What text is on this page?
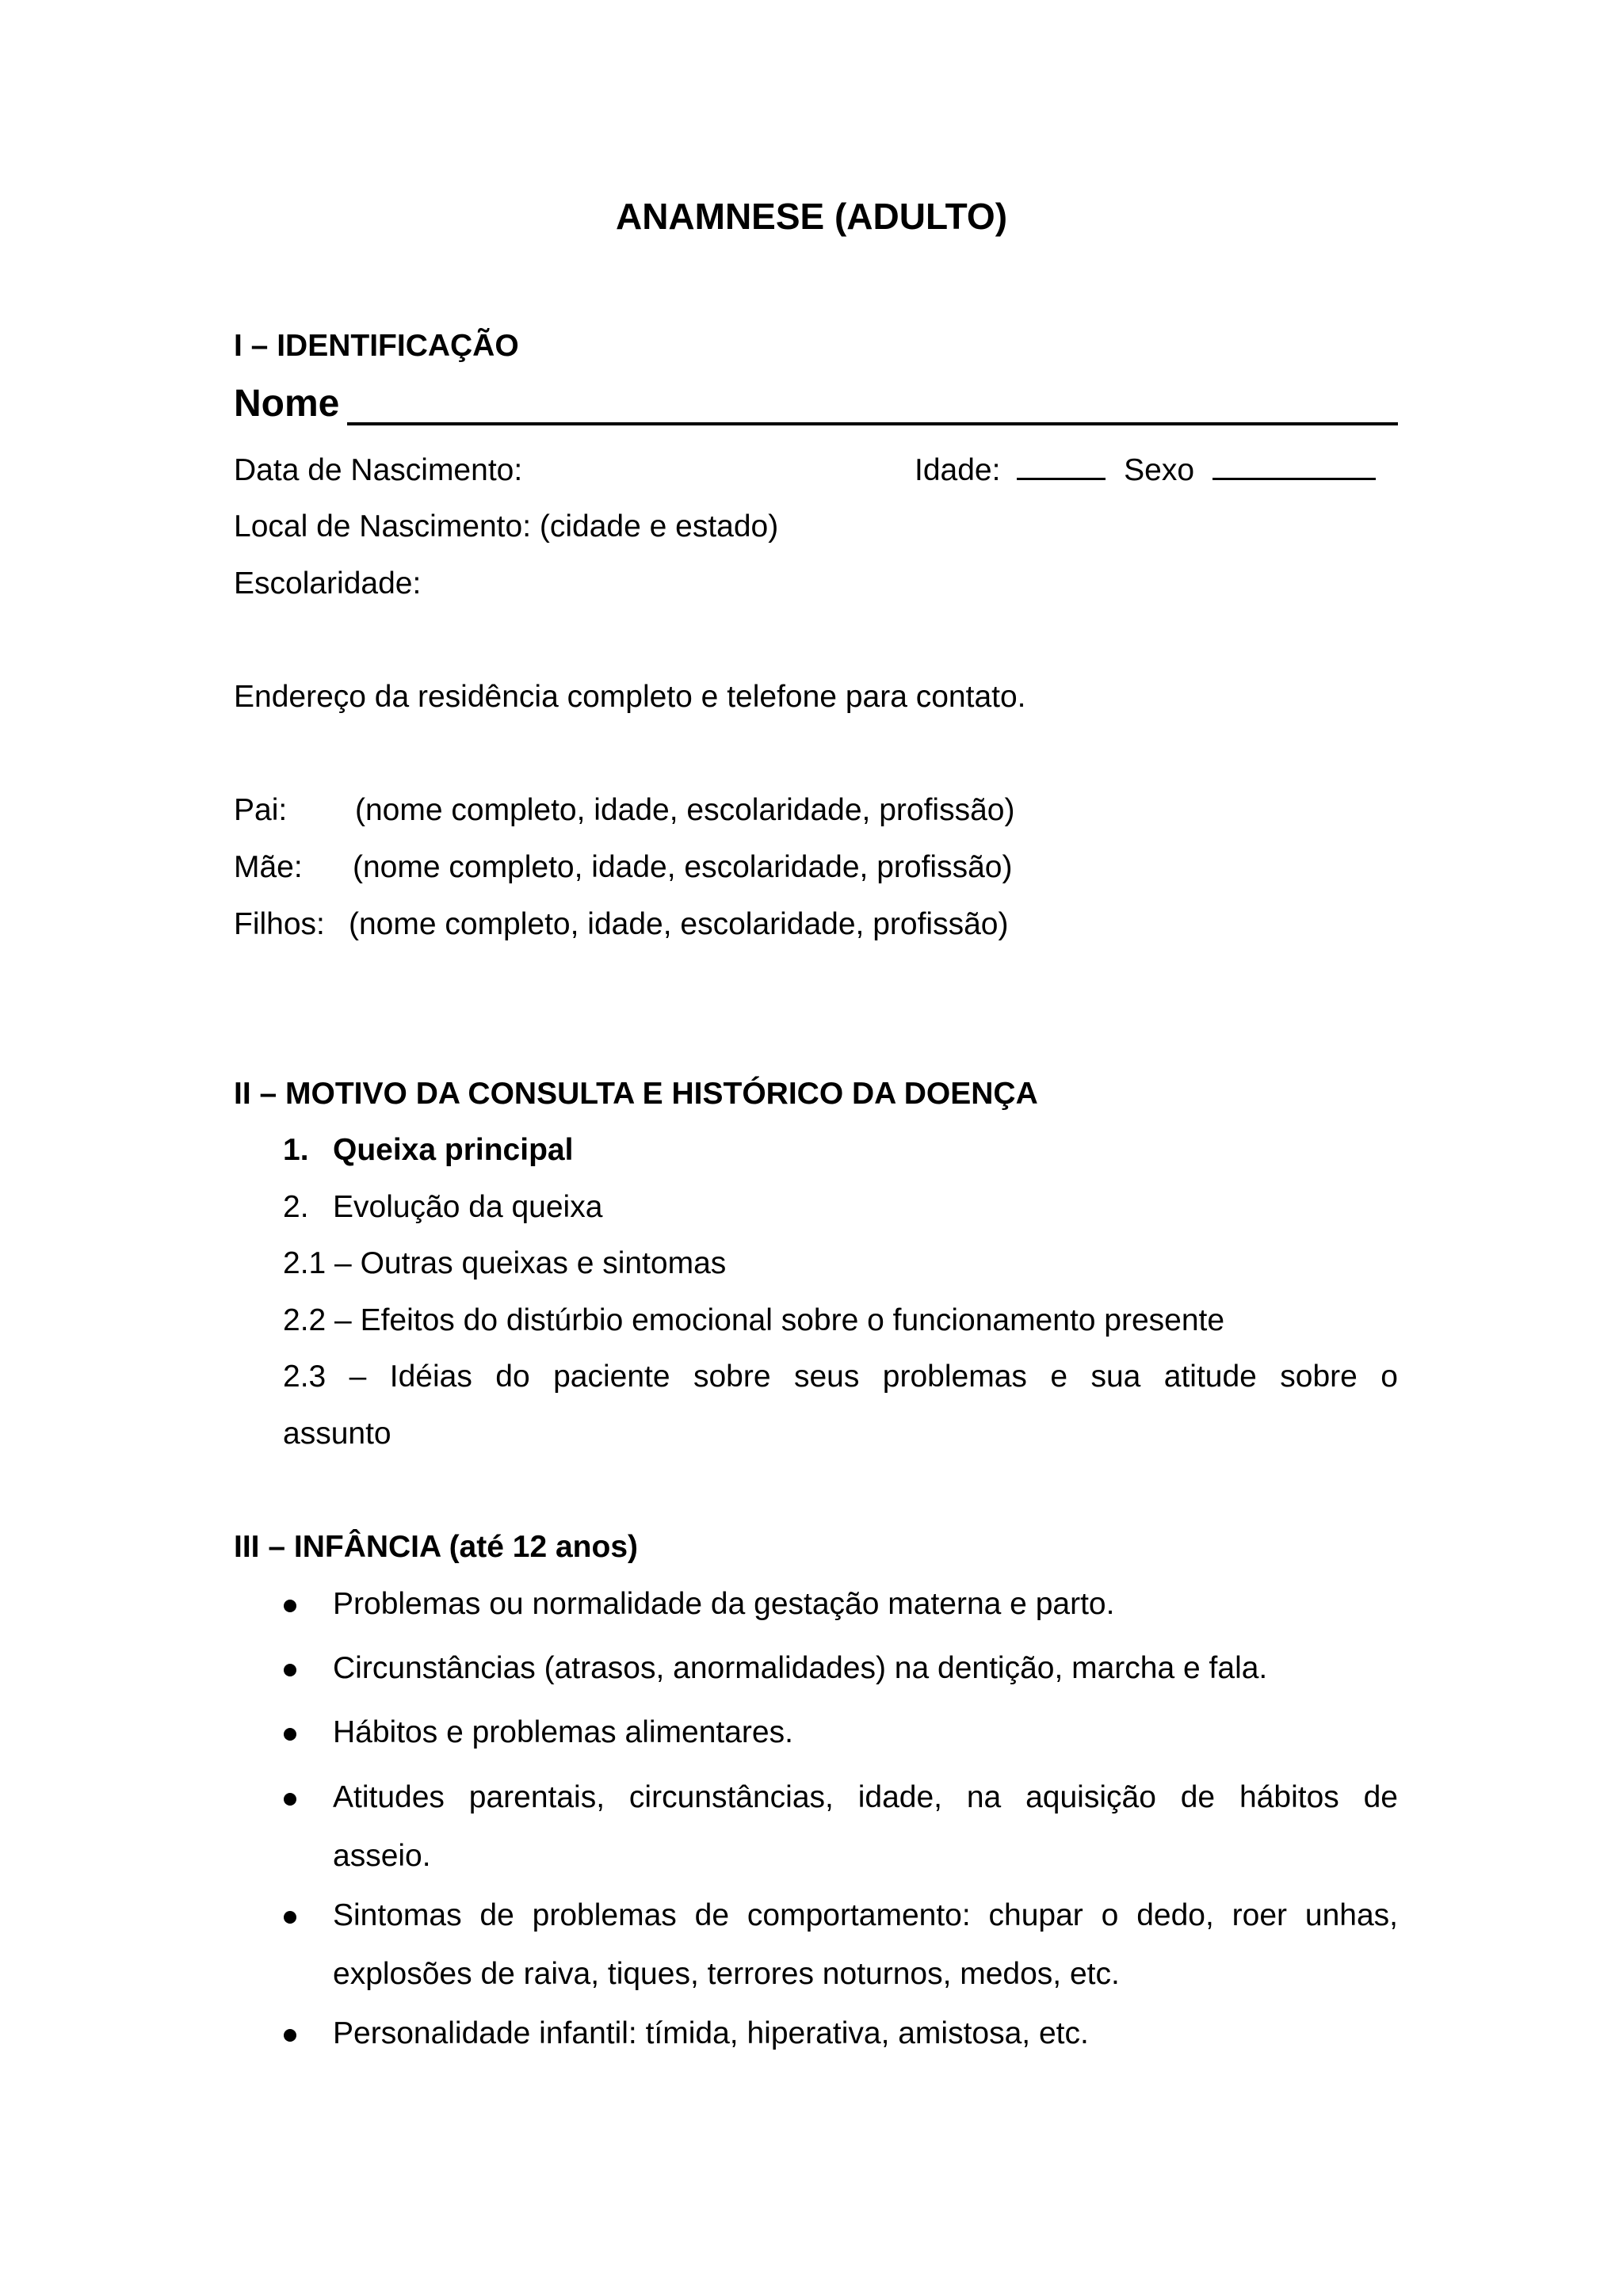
ANAMNESE (ADULTO)
I – IDENTIFICAÇÃO
Nome
Data de Nascimento:	Idade:	Sexo
Local de Nascimento: (cidade e estado)
Escolaridade:
Endereço da residência completo e telefone para contato.
Pai: (nome completo, idade, escolaridade, profissão)
Mãe: (nome completo, idade, escolaridade, profissão)
Filhos: (nome completo, idade, escolaridade, profissão)
II – MOTIVO DA CONSULTA E HISTÓRICO DA DOENÇA
1. Queixa principal
2. Evolução da queixa
2.1 – Outras queixas e sintomas
2.2 – Efeitos do distúrbio emocional sobre o funcionamento presente
2.3 – Idéias do paciente sobre seus problemas e sua atitude sobre o
assunto
III – INFÂNCIA (até 12 anos)
Problemas ou normalidade da gestação materna e parto.
Circunstâncias (atrasos, anormalidades) na dentição, marcha e fala.
Hábitos e problemas alimentares.
Atitudes parentais, circunstâncias, idade, na aquisição de hábitos de
asseio.
Sintomas de problemas de comportamento: chupar o dedo, roer unhas,
explosões de raiva, tiques, terrores noturnos, medos, etc.
Personalidade infantil: tímida, hiperativa, amistosa, etc.
